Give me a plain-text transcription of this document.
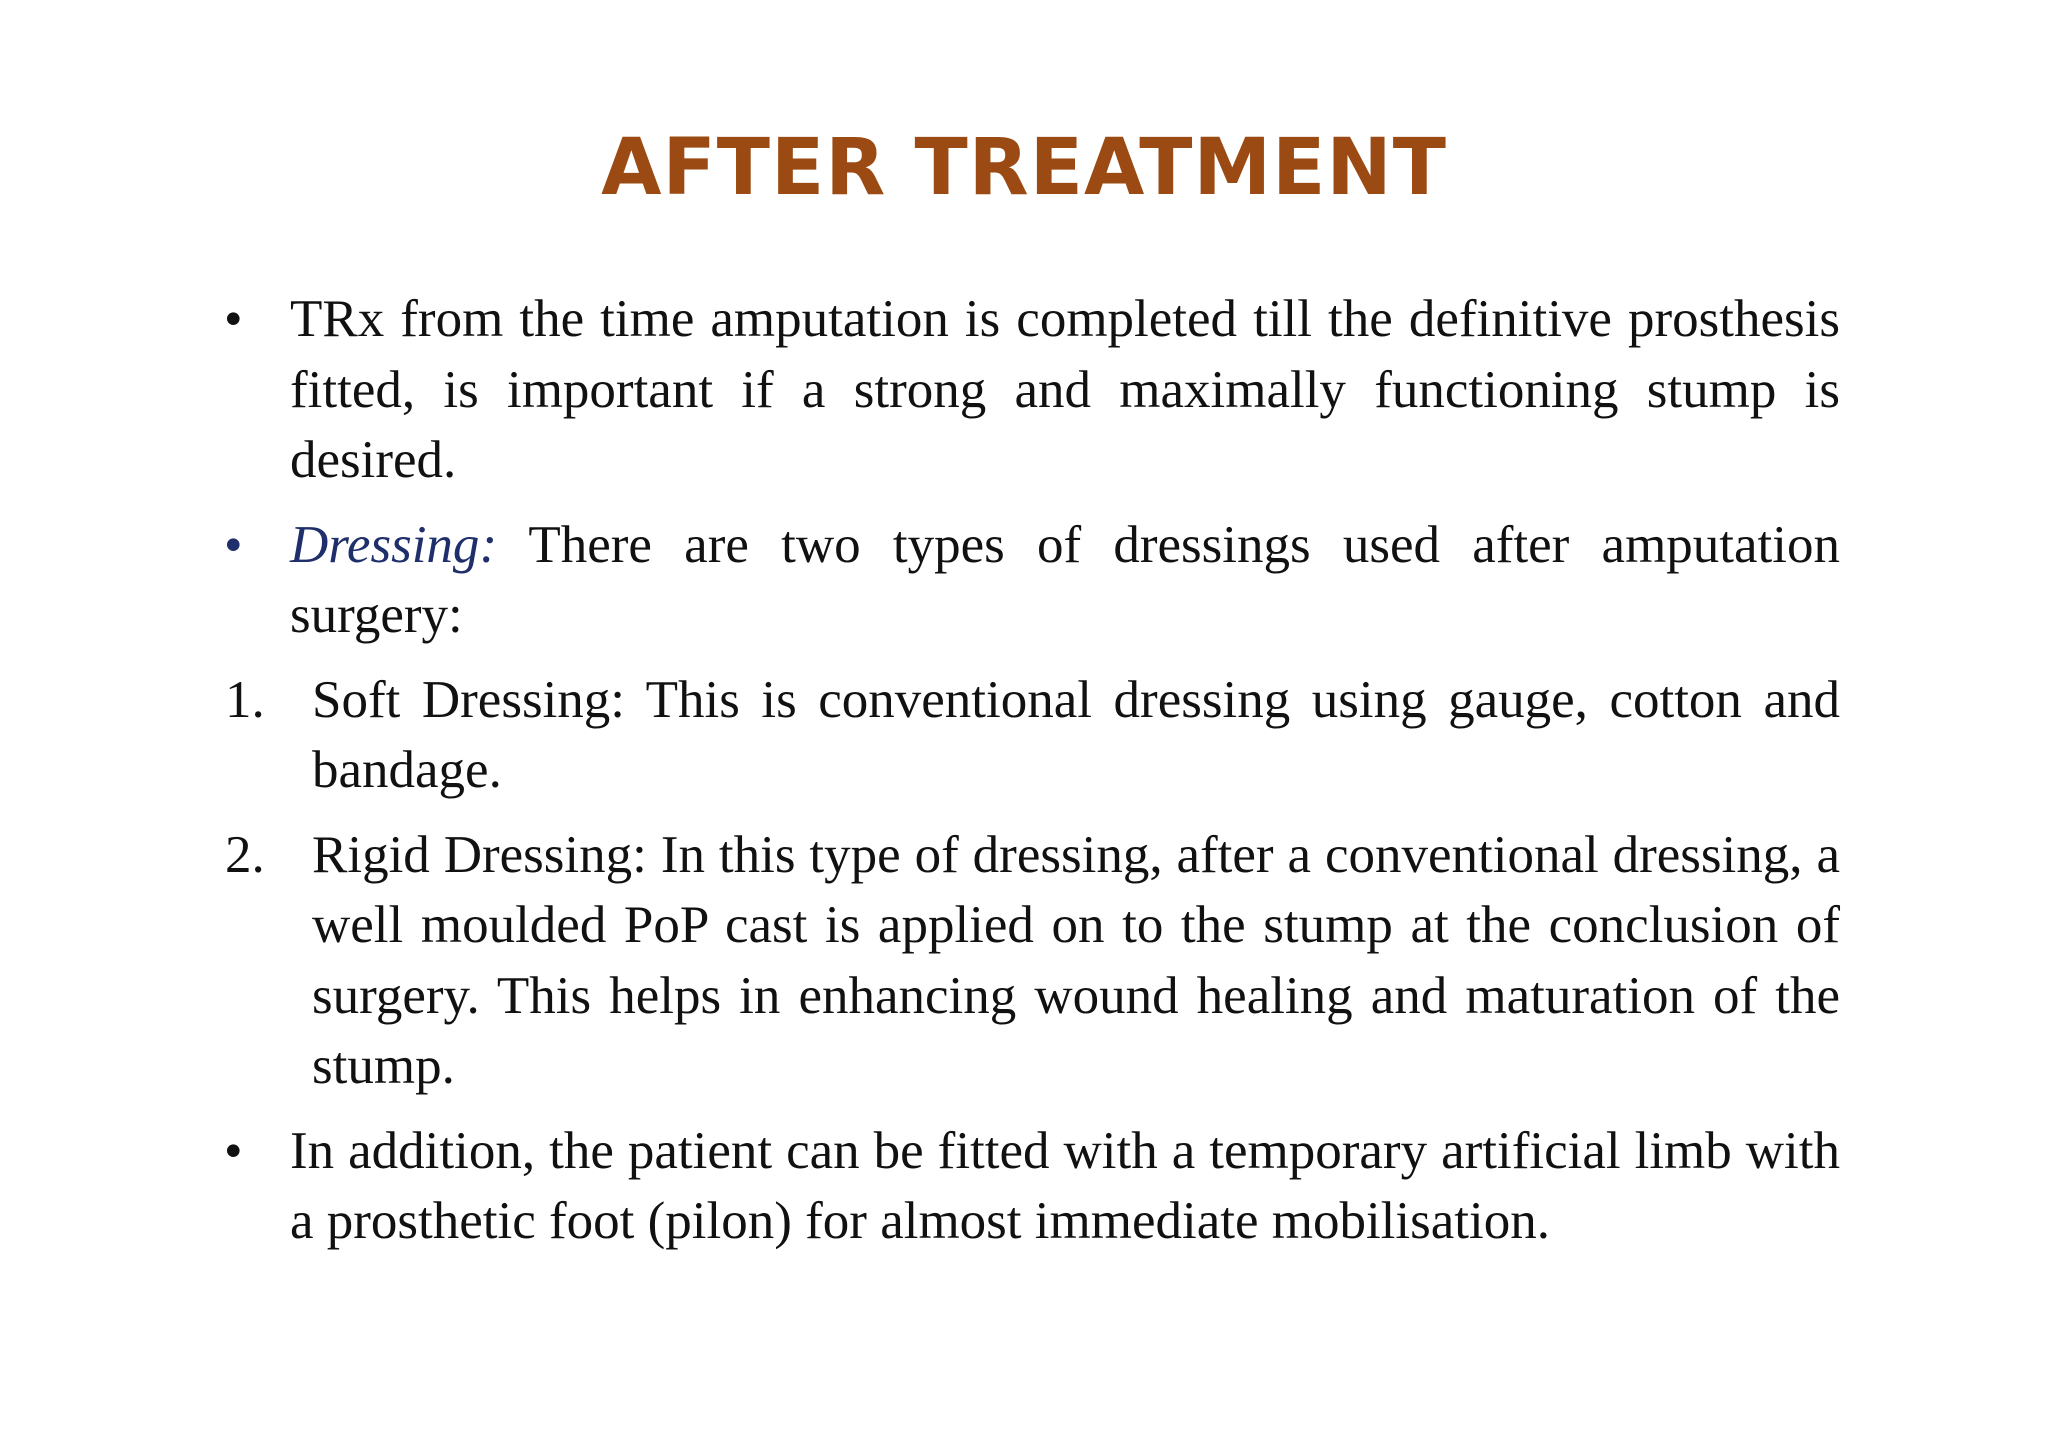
AFTER TREATMENT
• TRx from the time amputation is completed till the definitive prosthesis fitted, is important if a strong and maximally functioning stump is desired.
• Dressing: There are two types of dressings used after amputation surgery:
1. Soft Dressing: This is conventional dressing using gauge, cotton and bandage.
2. Rigid Dressing: In this type of dressing, after a conventional dressing, a well moulded PoP cast is applied on to the stump at the conclusion of surgery. This helps in enhancing wound healing and maturation of the stump.
• In addition, the patient can be fitted with a temporary artificial limb with a prosthetic foot (pilon) for almost immediate mobilisation.
